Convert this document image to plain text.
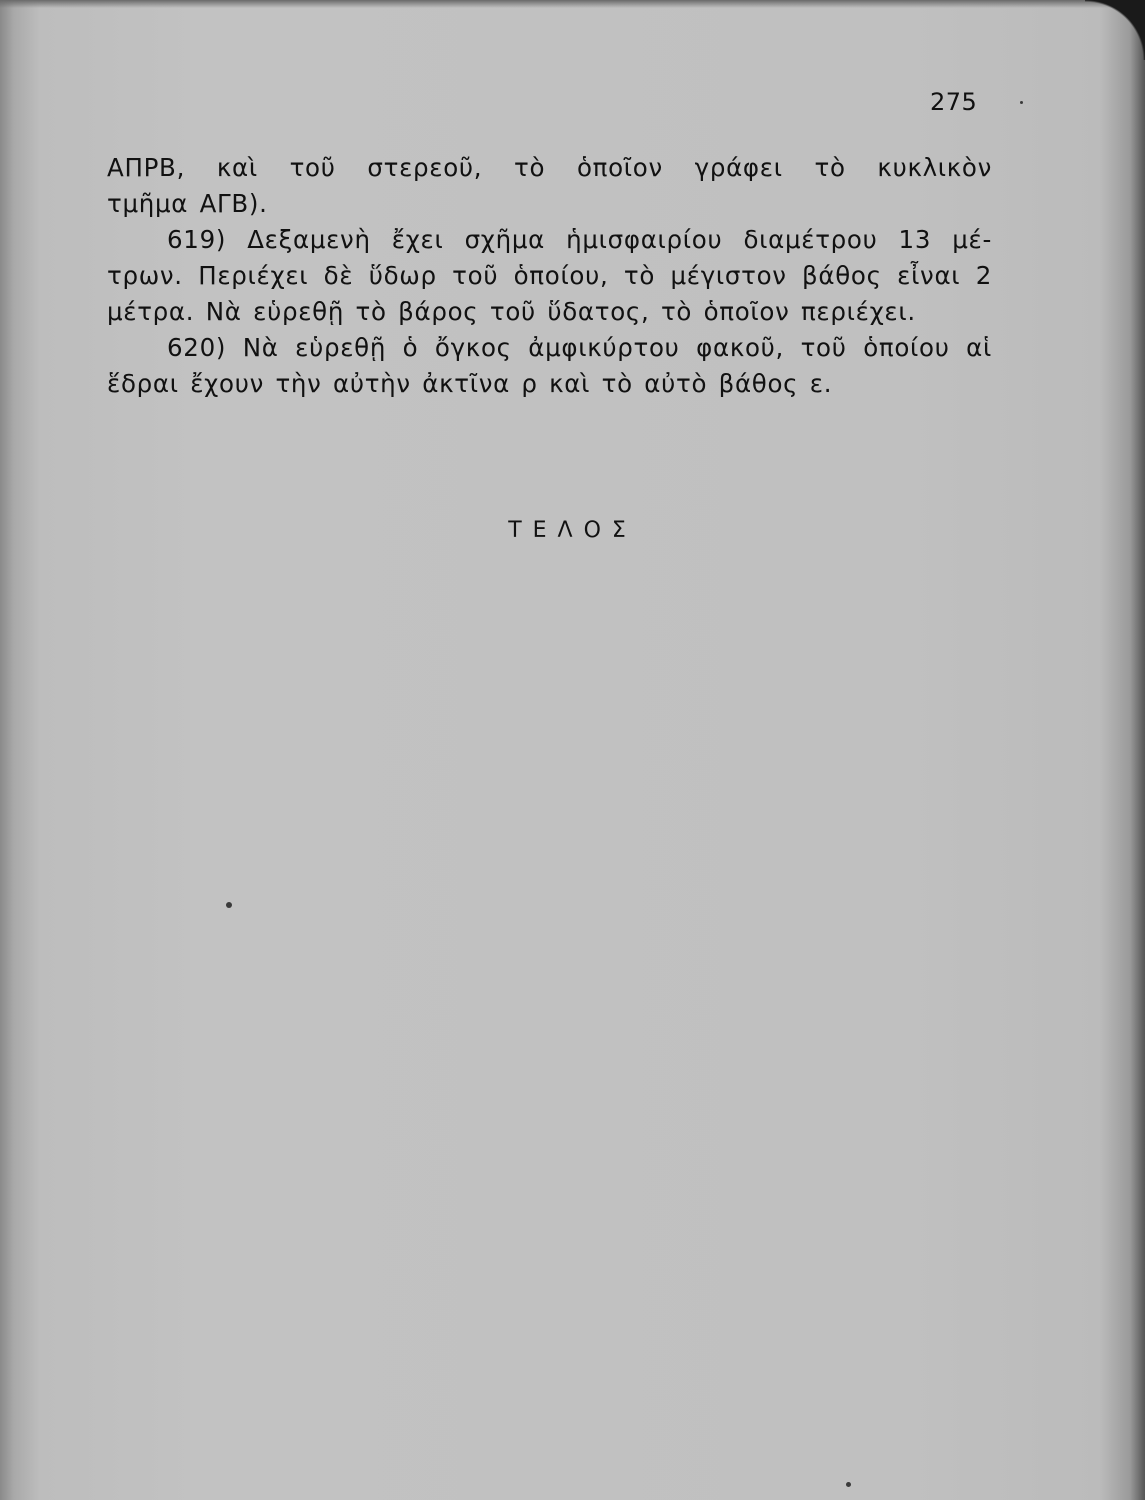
275
ΑΠΡΒ, καὶ τοῦ στερεοῦ, τὸ ὁποῖον γράφει τὸ κυκλικὸν
τμῆμα ΑΓΒ).
619) Δεξαμενὴ ἔχει σχῆμα ἡμισφαιρίου διαμέτρου 13 μέ-
τρων. Περιέχει δὲ ὕδωρ τοῦ ὁποίου, τὸ μέγιστον βάθος εἶναι 2
μέτρα. Νὰ εὑρεθῇ τὸ βάρος τοῦ ὕδατος, τὸ ὁποῖον περιέχει.
620) Νὰ εὑρεθῇ ὁ ὄγκος ἀμφικύρτου φακοῦ, τοῦ ὁποίου αἱ
ἕδραι ἔχουν τὴν αὐτὴν ἀκτῖνα ρ καὶ τὸ αὐτὸ βάθος ε.
ΤΕΛΟΣ
